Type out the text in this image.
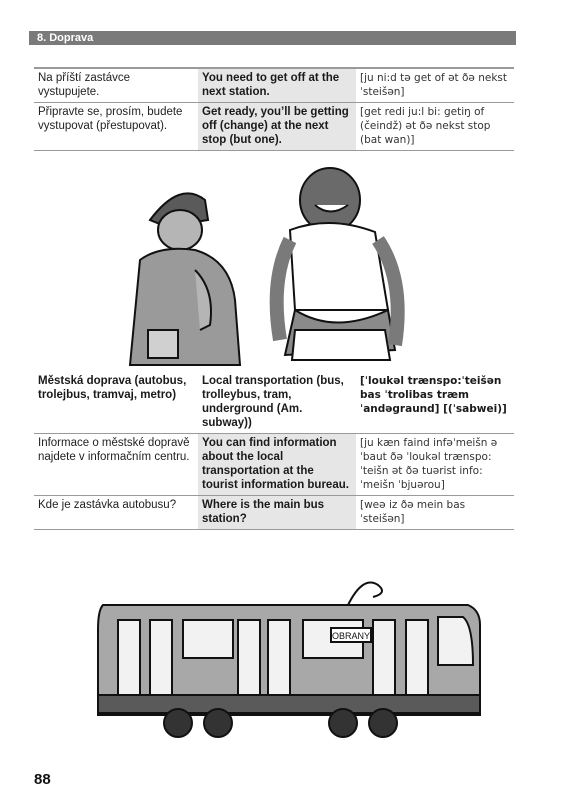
8. Doprava
Na příští zastávce vystupujete.	You need to get off at the next station.	[ju ni:d tə get of ət ðə nekst ˈsteišən]
Připravte se, prosím, budete vystupovat (přestupovat).	Get ready, you’ll be getting off (change) at the next stop (but one).	[get redi ju:l bi: getiŋ of (čeindž) ət ðə nekst stop (bat wan)]
Městská doprava (autobus, trolejbus, tramvaj, metro)	Local transportation (bus, trolleybus, tram, underground (Am. subway))	[ˈloukəl trænspo:ˈteišən bas ˈtrolibas træm ˈandəgraund] [(ˈsabwei)]
Informace o městské dopravě najdete v informačním centru.	You can find information about the local transportation at the tourist information bureau.	[ju kæn faind infəˈmeišn əˈbaut ðə ˈloukəl trænspo:ˈteišn ət ðə tuərist info:ˈmeišn ˈbjuərou]
Kde je zastávka autobusu?	Where is the main bus station?	[weə iz ðə mein bas ˈsteišən]
OBRANY
88
